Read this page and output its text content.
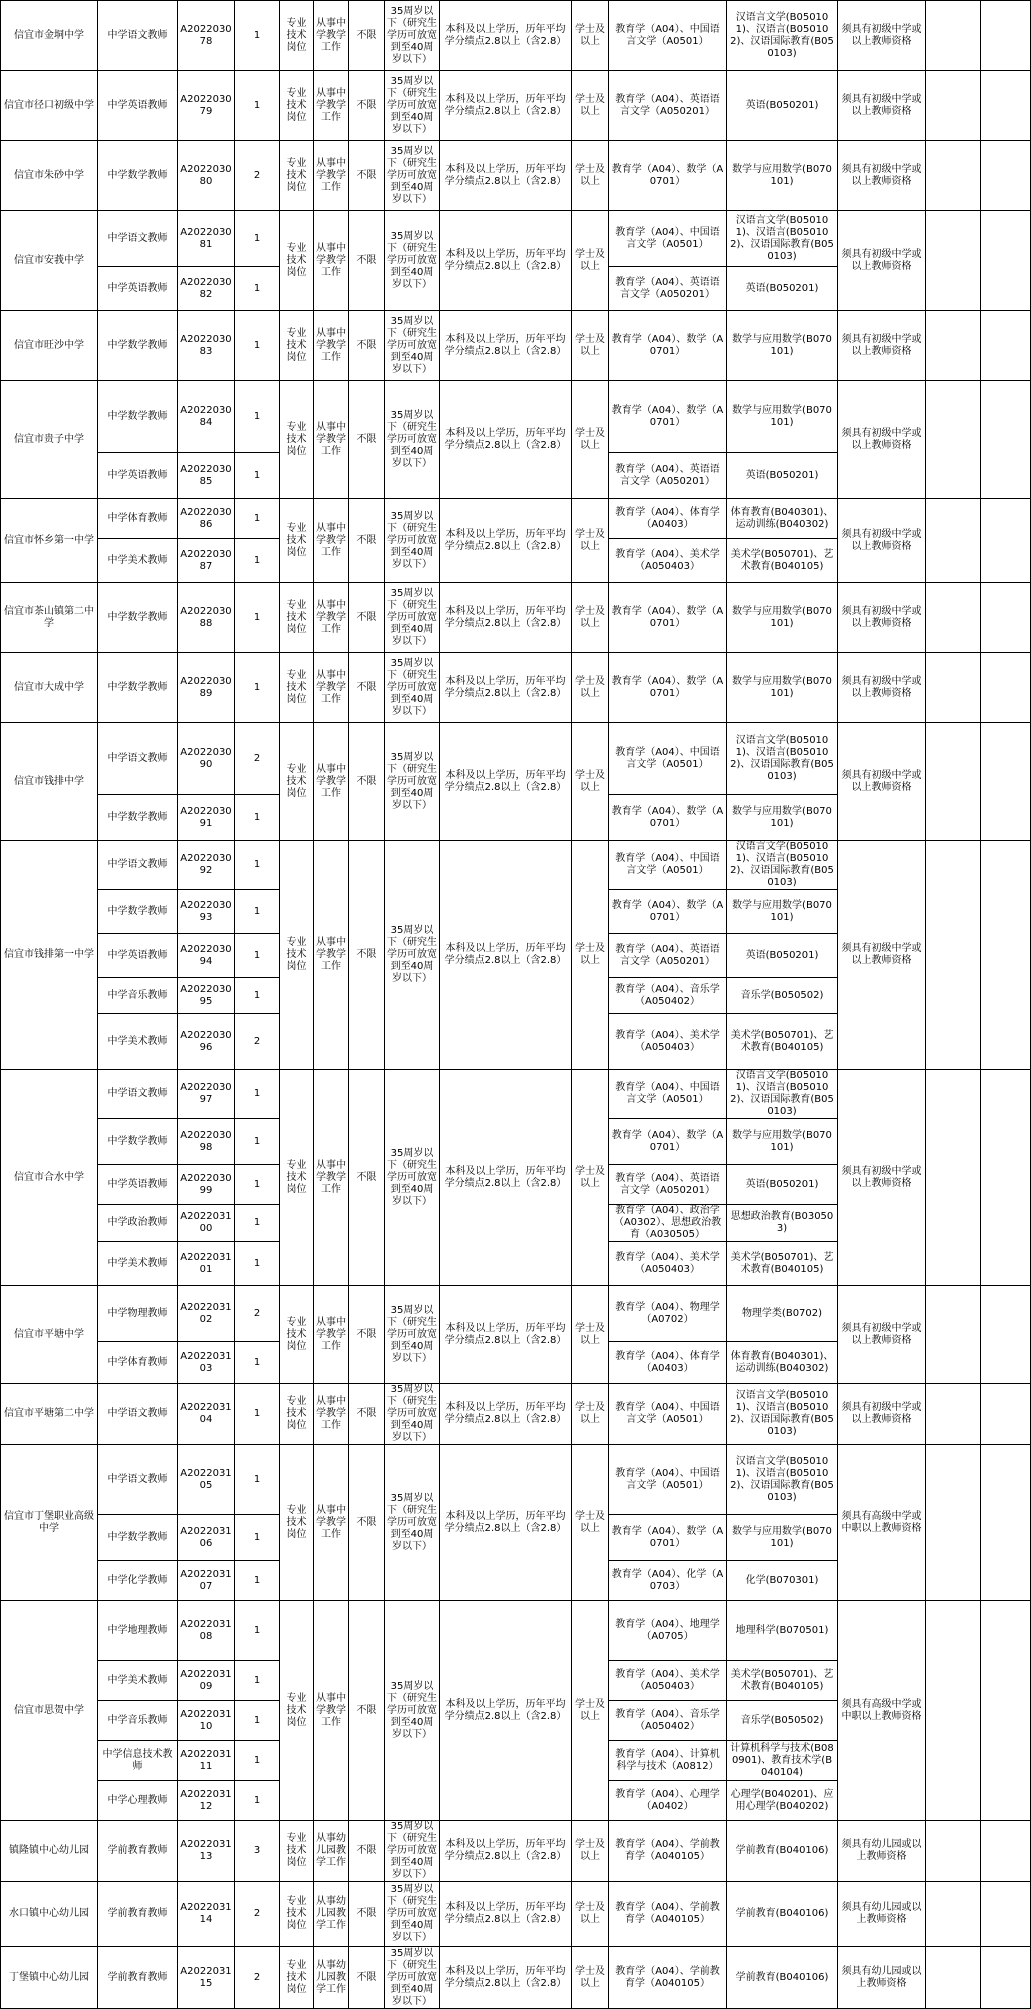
信宜市金垌中学	中学语文教师	A202203078	1	专业技术岗位	从事中学教学工作	不限	35周岁以下（研究生学历可放宽到至40周岁以下）	本科及以上学历，历年平均学分绩点2.8以上（含2.8）	学士及以上	教育学（A04）、中国语言文学（A0501）	汉语言文学(B050101)、汉语言(B050102)、汉语国际教育(B050103)	须具有初级中学或以上教师资格		
信宜市径口初级中学	中学英语教师	A202203079	1	专业技术岗位	从事中学教学工作	不限	35周岁以下（研究生学历可放宽到至40周岁以下）	本科及以上学历，历年平均学分绩点2.8以上（含2.8）	学士及以上	教育学（A04）、英语语言文学（A050201）	英语(B050201)	须具有初级中学或以上教师资格		
信宜市朱砂中学	中学数学教师	A202203080	2	专业技术岗位	从事中学教学工作	不限	35周岁以下（研究生学历可放宽到至40周岁以下）	本科及以上学历，历年平均学分绩点2.8以上（含2.8）	学士及以上	教育学（A04）、数学（A0701）	数学与应用数学(B070101)	须具有初级中学或以上教师资格		
信宜市安莪中学	中学语文教师	A202203081	1	专业技术岗位	从事中学教学工作	不限	35周岁以下（研究生学历可放宽到至40周岁以下）	本科及以上学历，历年平均学分绩点2.8以上（含2.8）	学士及以上	教育学（A04）、中国语言文学（A0501）	汉语言文学(B050101)、汉语言(B050102)、汉语国际教育(B050103)	须具有初级中学或以上教师资格		
	中学英语教师	A202203082	1							教育学（A04）、英语语言文学（A050201）	英语(B050201)			
信宜市旺沙中学	中学数学教师	A202203083	1	专业技术岗位	从事中学教学工作	不限	35周岁以下（研究生学历可放宽到至40周岁以下）	本科及以上学历，历年平均学分绩点2.8以上（含2.8）	学士及以上	教育学（A04）、数学（A0701）	数学与应用数学(B070101)	须具有初级中学或以上教师资格		
信宜市贵子中学	中学数学教师	A202203084	1	专业技术岗位	从事中学教学工作	不限	35周岁以下（研究生学历可放宽到至40周岁以下）	本科及以上学历，历年平均学分绩点2.8以上（含2.8）	学士及以上	教育学（A04）、数学（A0701）	数学与应用数学(B070101)	须具有初级中学或以上教师资格		
	中学英语教师	A202203085	1							教育学（A04）、英语语言文学（A050201）	英语(B050201)			
信宜市怀乡第一中学	中学体育教师	A202203086	1	专业技术岗位	从事中学教学工作	不限	35周岁以下（研究生学历可放宽到至40周岁以下）	本科及以上学历，历年平均学分绩点2.8以上（含2.8）	学士及以上	教育学（A04）、体育学（A0403）	体育教育(B040301)、运动训练(B040302)	须具有初级中学或以上教师资格		
	中学美术教师	A202203087	1							教育学（A04）、美术学（A050403）	美术学(B050701)、艺术教育(B040105)			
信宜市茶山镇第二中学	中学数学教师	A202203088	1	专业技术岗位	从事中学教学工作	不限	35周岁以下（研究生学历可放宽到至40周岁以下）	本科及以上学历，历年平均学分绩点2.8以上（含2.8）	学士及以上	教育学（A04）、数学（A0701）	数学与应用数学(B070101)	须具有初级中学或以上教师资格		
信宜市大成中学	中学数学教师	A202203089	1	专业技术岗位	从事中学教学工作	不限	35周岁以下（研究生学历可放宽到至40周岁以下）	本科及以上学历，历年平均学分绩点2.8以上（含2.8）	学士及以上	教育学（A04）、数学（A0701）	数学与应用数学(B070101)	须具有初级中学或以上教师资格		
信宜市钱排中学	中学语文教师	A202203090	2	专业技术岗位	从事中学教学工作	不限	35周岁以下（研究生学历可放宽到至40周岁以下）	本科及以上学历，历年平均学分绩点2.8以上（含2.8）	学士及以上	教育学（A04）、中国语言文学（A0501）	汉语言文学(B050101)、汉语言(B050102)、汉语国际教育(B050103)	须具有初级中学或以上教师资格		
	中学数学教师	A202203091	1							教育学（A04）、数学（A0701）	数学与应用数学(B070101)			
信宜市钱排第一中学	中学语文教师	A202203092	1	专业技术岗位	从事中学教学工作	不限	35周岁以下（研究生学历可放宽到至40周岁以下）	本科及以上学历，历年平均学分绩点2.8以上（含2.8）	学士及以上	教育学（A04）、中国语言文学（A0501）	汉语言文学(B050101)、汉语言(B050102)、汉语国际教育(B050103)	须具有初级中学或以上教师资格		
	中学数学教师	A202203093	1							教育学（A04）、数学（A0701）	数学与应用数学(B070101)			
	中学英语教师	A202203094	1							教育学（A04）、英语语言文学（A050201）	英语(B050201)			
	中学音乐教师	A202203095	1							教育学（A04）、音乐学（A050402）	音乐学(B050502)			
	中学美术教师	A202203096	2							教育学（A04）、美术学（A050403）	美术学(B050701)、艺术教育(B040105)			
信宜市合水中学	中学语文教师	A202203097	1	专业技术岗位	从事中学教学工作	不限	35周岁以下（研究生学历可放宽到至40周岁以下）	本科及以上学历，历年平均学分绩点2.8以上（含2.8）	学士及以上	教育学（A04）、中国语言文学（A0501）	汉语言文学(B050101)、汉语言(B050102)、汉语国际教育(B050103)	须具有初级中学或以上教师资格		
	中学数学教师	A202203098	1							教育学（A04）、数学（A0701）	数学与应用数学(B070101)			
	中学英语教师	A202203099	1							教育学（A04）、英语语言文学（A050201）	英语(B050201)			
	中学政治教师	A202203100	1							教育学（A04）、政治学（A0302）、思想政治教育（A030505）	思想政治教育(B030503)			
	中学美术教师	A202203101	1							教育学（A04）、美术学（A050403）	美术学(B050701)、艺术教育(B040105)			
信宜市平塘中学	中学物理教师	A202203102	2	专业技术岗位	从事中学教学工作	不限	35周岁以下（研究生学历可放宽到至40周岁以下）	本科及以上学历，历年平均学分绩点2.8以上（含2.8）	学士及以上	教育学（A04）、物理学（A0702）	物理学类(B0702)	须具有初级中学或以上教师资格		
	中学体育教师	A202203103	1							教育学（A04）、体育学（A0403）	体育教育(B040301)、运动训练(B040302)			
信宜市平塘第二中学	中学语文教师	A202203104	1	专业技术岗位	从事中学教学工作	不限	35周岁以下（研究生学历可放宽到至40周岁以下）	本科及以上学历，历年平均学分绩点2.8以上（含2.8）	学士及以上	教育学（A04）、中国语言文学（A0501）	汉语言文学(B050101)、汉语言(B050102)、汉语国际教育(B050103)	须具有初级中学或以上教师资格		
信宜市丁堡职业高级中学	中学语文教师	A202203105	1	专业技术岗位	从事中学教学工作	不限	35周岁以下（研究生学历可放宽到至40周岁以下）	本科及以上学历，历年平均学分绩点2.8以上（含2.8）	学士及以上	教育学（A04）、中国语言文学（A0501）	汉语言文学(B050101)、汉语言(B050102)、汉语国际教育(B050103)	须具有高级中学或中职以上教师资格		
	中学数学教师	A202203106	1							教育学（A04）、数学（A0701）	数学与应用数学(B070101)			
	中学化学教师	A202203107	1							教育学（A04）、化学（A0703）	化学(B070301)			
信宜市思贺中学	中学地理教师	A202203108	1	专业技术岗位	从事中学教学工作	不限	35周岁以下（研究生学历可放宽到至40周岁以下）	本科及以上学历，历年平均学分绩点2.8以上（含2.8）	学士及以上	教育学（A04）、地理学（A0705）	地理科学(B070501)	须具有高级中学或中职以上教师资格		
	中学美术教师	A202203109	1							教育学（A04）、美术学（A050403）	美术学(B050701)、艺术教育(B040105)			
	中学音乐教师	A202203110	1							教育学（A04）、音乐学（A050402）	音乐学(B050502)			
	中学信息技术教师	A202203111	1							教育学（A04）、计算机科学与技术（A0812）	计算机科学与技术(B080901)、教育技术学(B040104)			
	中学心理教师	A202203112	1							教育学（A04）、心理学（A0402）	心理学(B040201)、应用心理学(B040202)			
镇隆镇中心幼儿园	学前教育教师	A202203113	3	专业技术岗位	从事幼儿园教学工作	不限	35周岁以下（研究生学历可放宽到至40周岁以下）	本科及以上学历，历年平均学分绩点2.8以上（含2.8）	学士及以上	教育学（A04）、学前教育学（A040105）	学前教育(B040106)	须具有幼儿园或以上教师资格		
水口镇中心幼儿园	学前教育教师	A202203114	2	专业技术岗位	从事幼儿园教学工作	不限	35周岁以下（研究生学历可放宽到至40周岁以下）	本科及以上学历，历年平均学分绩点2.8以上（含2.8）	学士及以上	教育学（A04）、学前教育学（A040105）	学前教育(B040106)	须具有幼儿园或以上教师资格		
丁堡镇中心幼儿园	学前教育教师	A202203115	2	专业技术岗位	从事幼儿园教学工作	不限	35周岁以下（研究生学历可放宽到至40周岁以下）	本科及以上学历，历年平均学分绩点2.8以上（含2.8）	学士及以上	教育学（A04）、学前教育学（A040105）	学前教育(B040106)	须具有幼儿园或以上教师资格		
